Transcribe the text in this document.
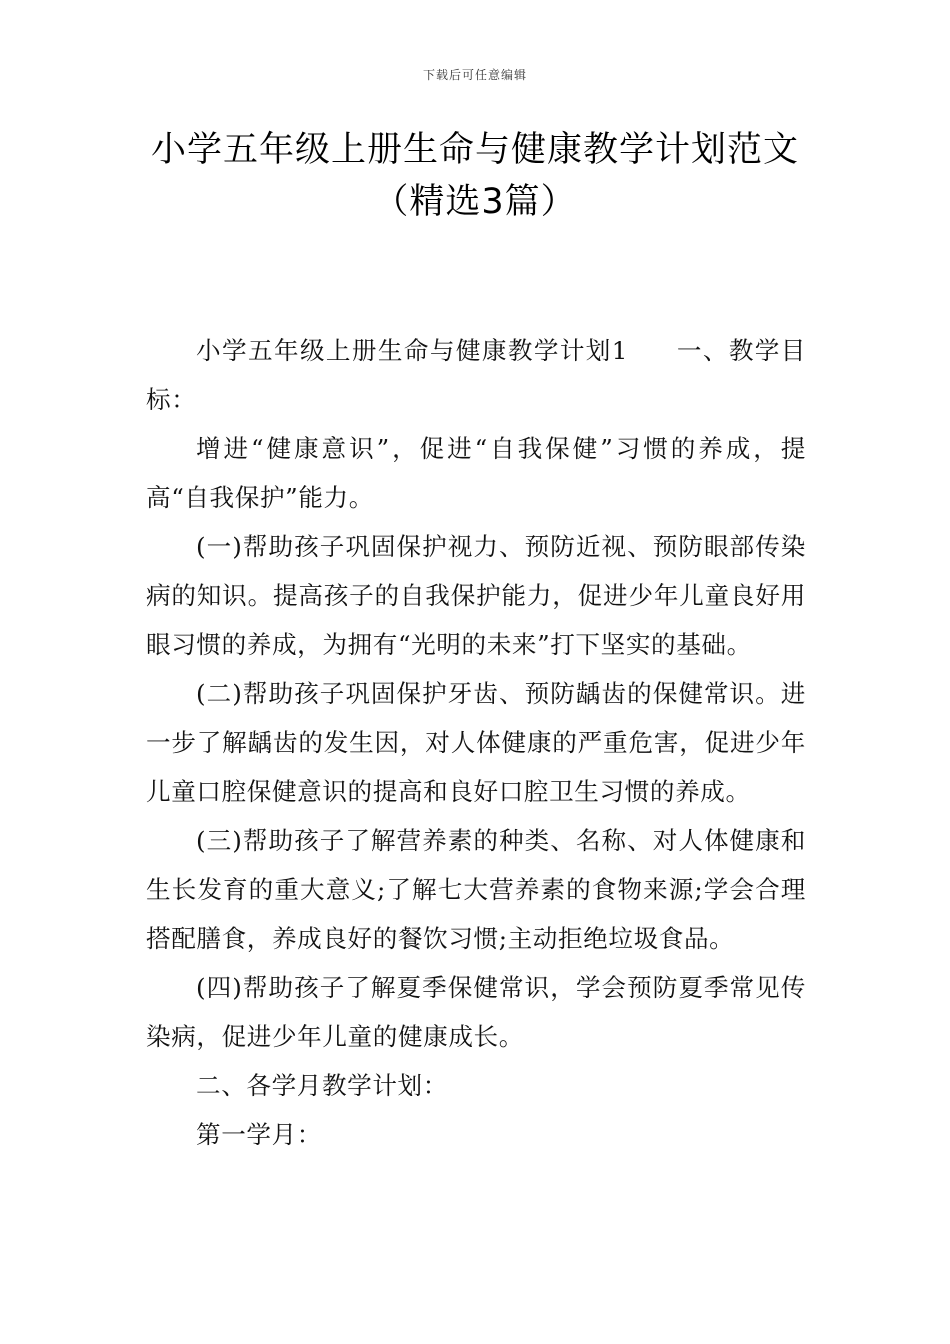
下载后可任意编辑
小学五年级上册生命与健康教学计划范文
（精选3篇）

小学五年级上册生命与健康教学计划1 一、教学目标：

增进“健康意识”，促进“自我保健”习惯的养成，提高“自我保护”能力。

(一)帮助孩子巩固保护视力、预防近视、预防眼部传染病的知识。提高孩子的自我保护能力，促进少年儿童良好用眼习惯的养成，为拥有“光明的未来”打下坚实的基础。

(二)帮助孩子巩固保护牙齿、预防龋齿的保健常识。进一步了解龋齿的发生因，对人体健康的严重危害，促进少年儿童口腔保健意识的提高和良好口腔卫生习惯的养成。

(三)帮助孩子了解营养素的种类、名称、对人体健康和生长发育的重大意义;了解七大营养素的食物来源;学会合理搭配膳食，养成良好的餐饮习惯;主动拒绝垃圾食品。

(四)帮助孩子了解夏季保健常识，学会预防夏季常见传染病，促进少年儿童的健康成长。

二、各学月教学计划：

第一学月：
